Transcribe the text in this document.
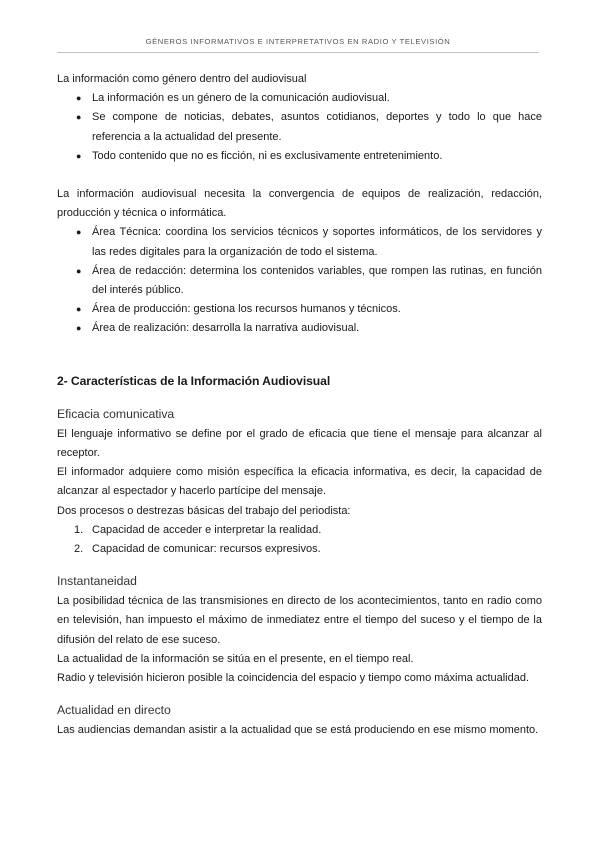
GÉNEROS INFORMATIVOS E INTERPRETATIVOS EN RADIO Y TELEVISIÓN

La información como género dentro del audiovisual

● La información es un género de la comunicación audiovisual.
● Se compone de noticias, debates, asuntos cotidianos, deportes y todo lo que hace referencia a la actualidad del presente.
● Todo contenido que no es ficción, ni es exclusivamente entretenimiento.

La información audiovisual necesita la convergencia de equipos de realización, redacción, producción y técnica o informática.

● Área Técnica: coordina los servicios técnicos y soportes informáticos, de los servidores y las redes digitales para la organización de todo el sistema.
● Área de redacción: determina los contenidos variables, que rompen las rutinas, en función del interés público.
● Área de producción: gestiona los recursos humanos y técnicos.
● Área de realización: desarrolla la narrativa audiovisual.
2- Características de la Información Audiovisual
Eficacia comunicativa

El lenguaje informativo se define por el grado de eficacia que tiene el mensaje para alcanzar al receptor.

El informador adquiere como misión específica la eficacia informativa, es decir, la capacidad de alcanzar al espectador y hacerlo partícipe del mensaje.

Dos procesos o destrezas básicas del trabajo del periodista:

1. Capacidad de acceder e interpretar la realidad.
2. Capacidad de comunicar: recursos expresivos.
Instantaneidad

La posibilidad técnica de las transmisiones en directo de los acontecimientos, tanto en radio como en televisión, han impuesto el máximo de inmediatez entre el tiempo del suceso y el tiempo de la difusión del relato de ese suceso.

La actualidad de la información se sitúa en el presente, en el tiempo real.

Radio y televisión hicieron posible la coincidencia del espacio y tiempo como máxima actualidad.

Actualidad en directo

Las audiencias demandan asistir a la actualidad que se está produciendo en ese mismo momento.
